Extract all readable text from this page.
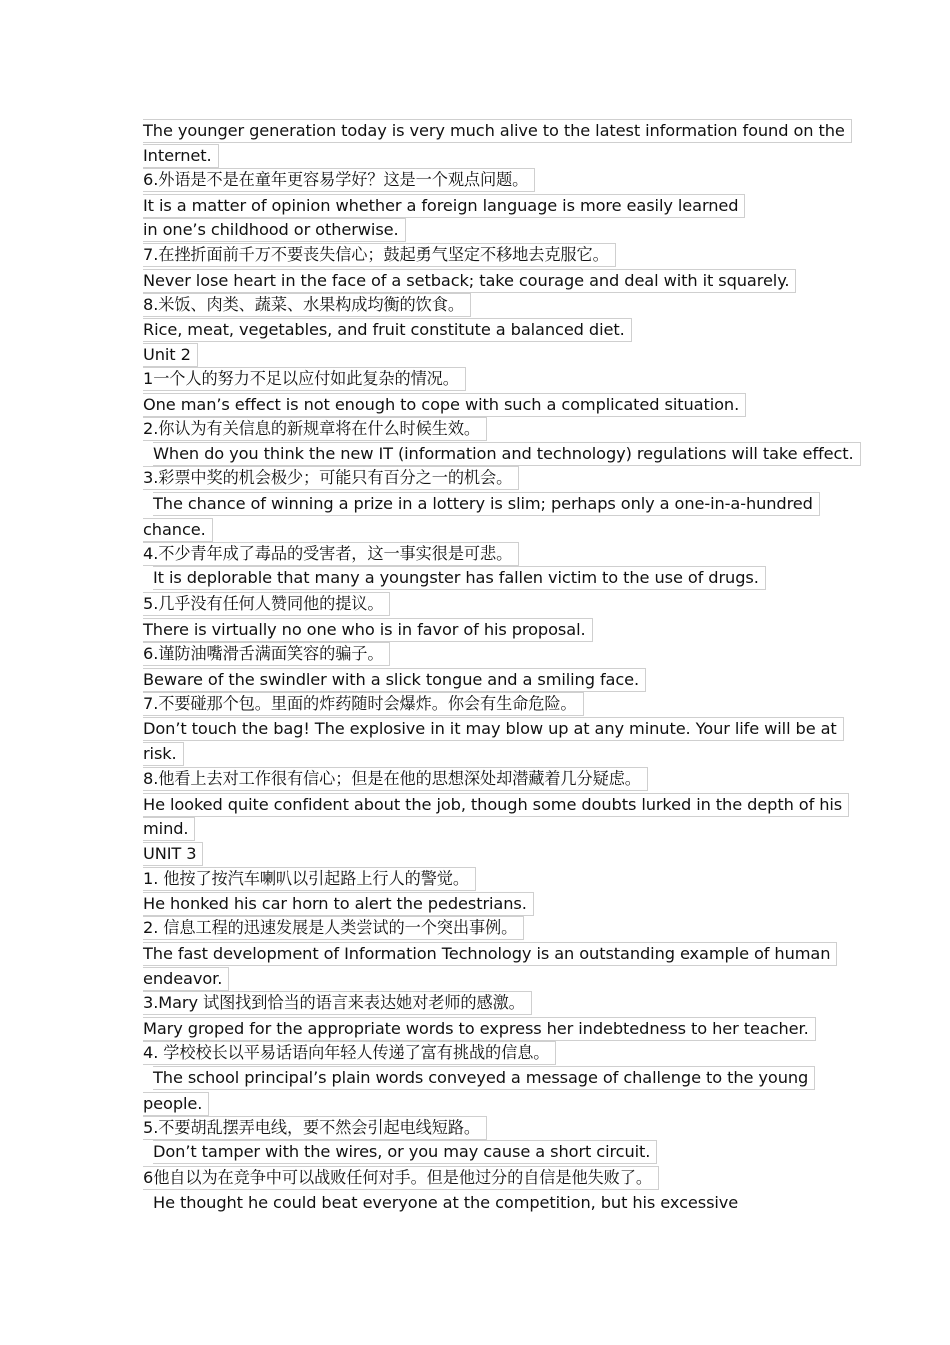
The younger generation today is very much alive to the latest information found on the
Internet.
6.外语是不是在童年更容易学好？这是一个观点问题。
It is a matter of opinion whether a foreign language is more easily learned
in one’s childhood or otherwise.
7.在挫折面前千万不要丧失信心；鼓起勇气坚定不移地去克服它。
Never lose heart in the face of a setback; take courage and deal with it squarely.
8.米饭、肉类、蔬菜、水果构成均衡的饮食。
Rice, meat, vegetables, and fruit constitute a balanced diet.
Unit 2
1一个人的努力不足以应付如此复杂的情况。
One man’s effect is not enough to cope with such a complicated situation.
2.你认为有关信息的新规章将在什么时候生效。
When do you think the new IT (information and technology) regulations will take effect.
3.彩票中奖的机会极少；可能只有百分之一的机会。
The chance of winning a prize in a lottery is slim; perhaps only a one-in-a-hundred
chance.
4.不少青年成了毒品的受害者，这一事实很是可悲。
It is deplorable that many a youngster has fallen victim to the use of drugs.
5.几乎没有任何人赞同他的提议。
There is virtually no one who is in favor of his proposal.
6.谨防油嘴滑舌满面笑容的骗子。
Beware of the swindler with a slick tongue and a smiling face.
7.不要碰那个包。里面的炸药随时会爆炸。你会有生命危险。
Don’t touch the bag! The explosive in it may blow up at any minute. Your life will be at
risk.
8.他看上去对工作很有信心；但是在他的思想深处却潜藏着几分疑虑。
He looked quite confident about the job, though some doubts lurked in the depth of his
mind.
UNIT 3
1. 他按了按汽车喇叭以引起路上行人的警觉。
He honked his car horn to alert the pedestrians.
2. 信息工程的迅速发展是人类尝试的一个突出事例。
The fast development of Information Technology is an outstanding example of human
endeavor.
3.Mary 试图找到恰当的语言来表达她对老师的感激。
Mary groped for the appropriate words to express her indebtedness to her teacher.
4. 学校校长以平易话语向年轻人传递了富有挑战的信息。
The school principal’s plain words conveyed a message of challenge to the young
people.
5.不要胡乱摆弄电线，要不然会引起电线短路。
Don’t tamper with the wires, or you may cause a short circuit.
6他自以为在竞争中可以战败任何对手。但是他过分的自信是他失败了。
He thought he could beat everyone at the competition, but his excessive
